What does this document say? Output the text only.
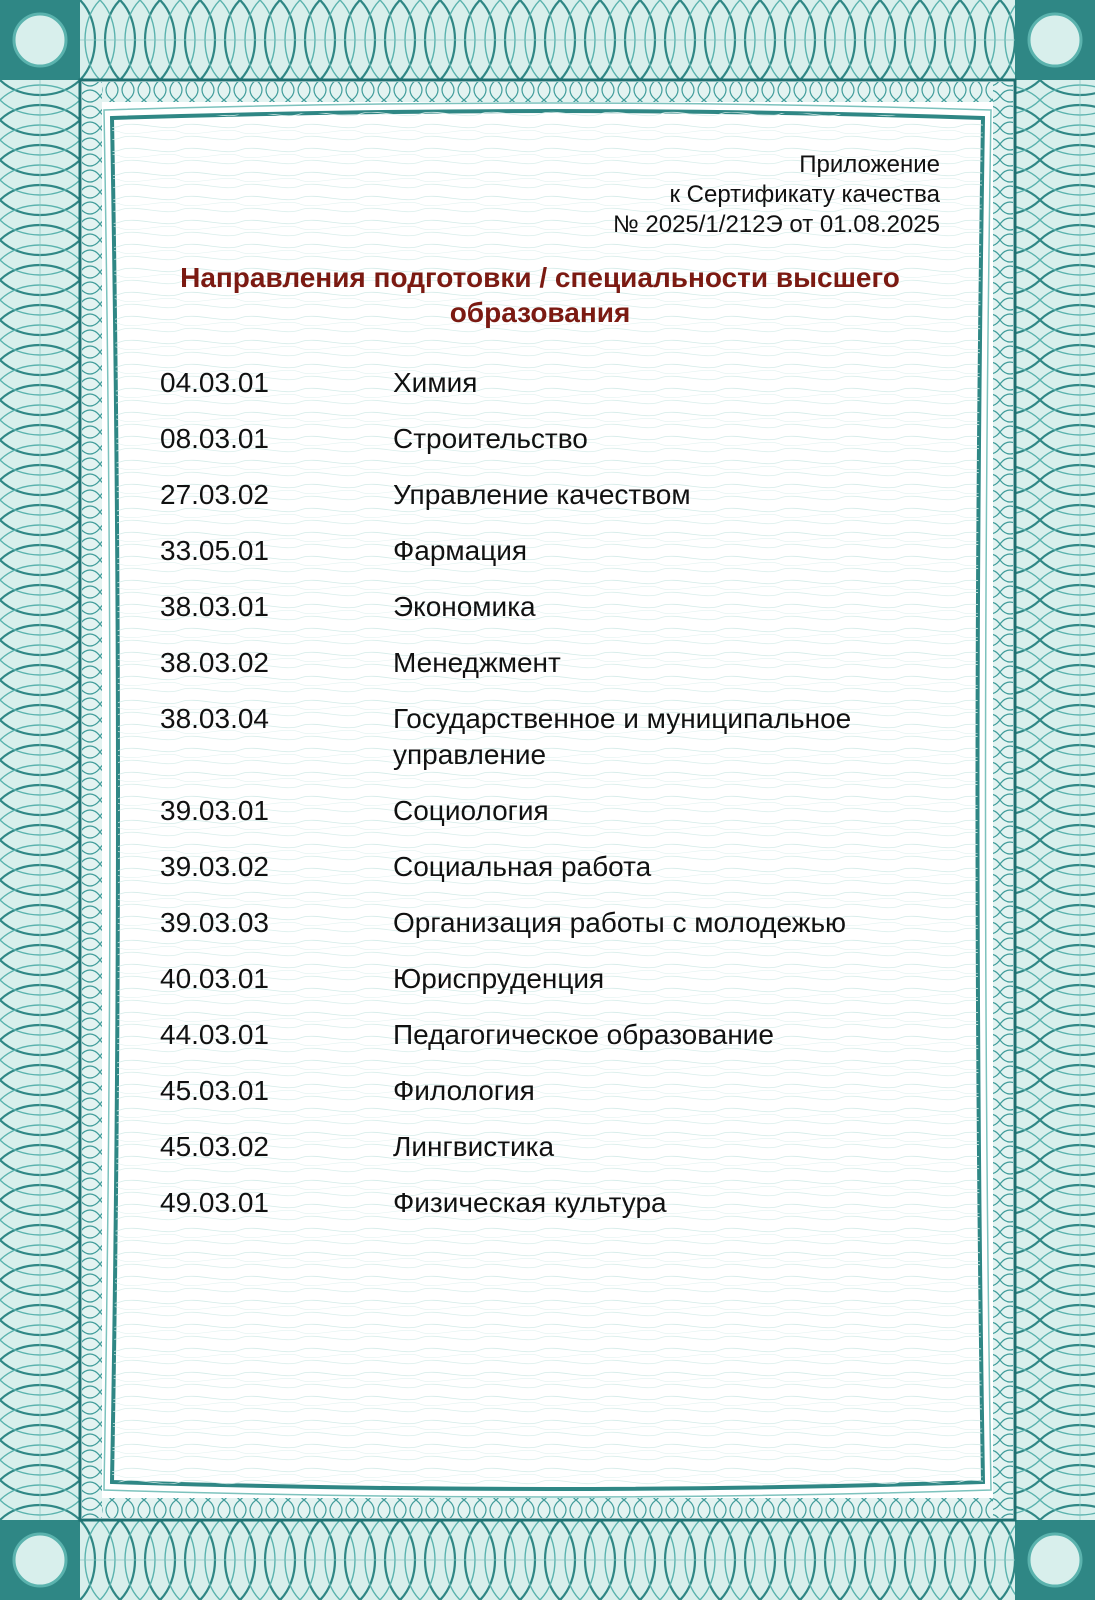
Приложение
к Сертификату качества
№ 2025/1/212Э от 01.08.2025
Направления подготовки / специальности высшего
образования
04.03.01	Химия
08.03.01	Строительство
27.03.02	Управление качеством
33.05.01	Фармация
38.03.01	Экономика
38.03.02	Менеджмент
38.03.04	Государственное и муниципальное управление
39.03.01	Социология
39.03.02	Социальная работа
39.03.03	Организация работы с молодежью
40.03.01	Юриспруденция
44.03.01	Педагогическое образование
45.03.01	Филология
45.03.02	Лингвистика
49.03.01	Физическая культура
